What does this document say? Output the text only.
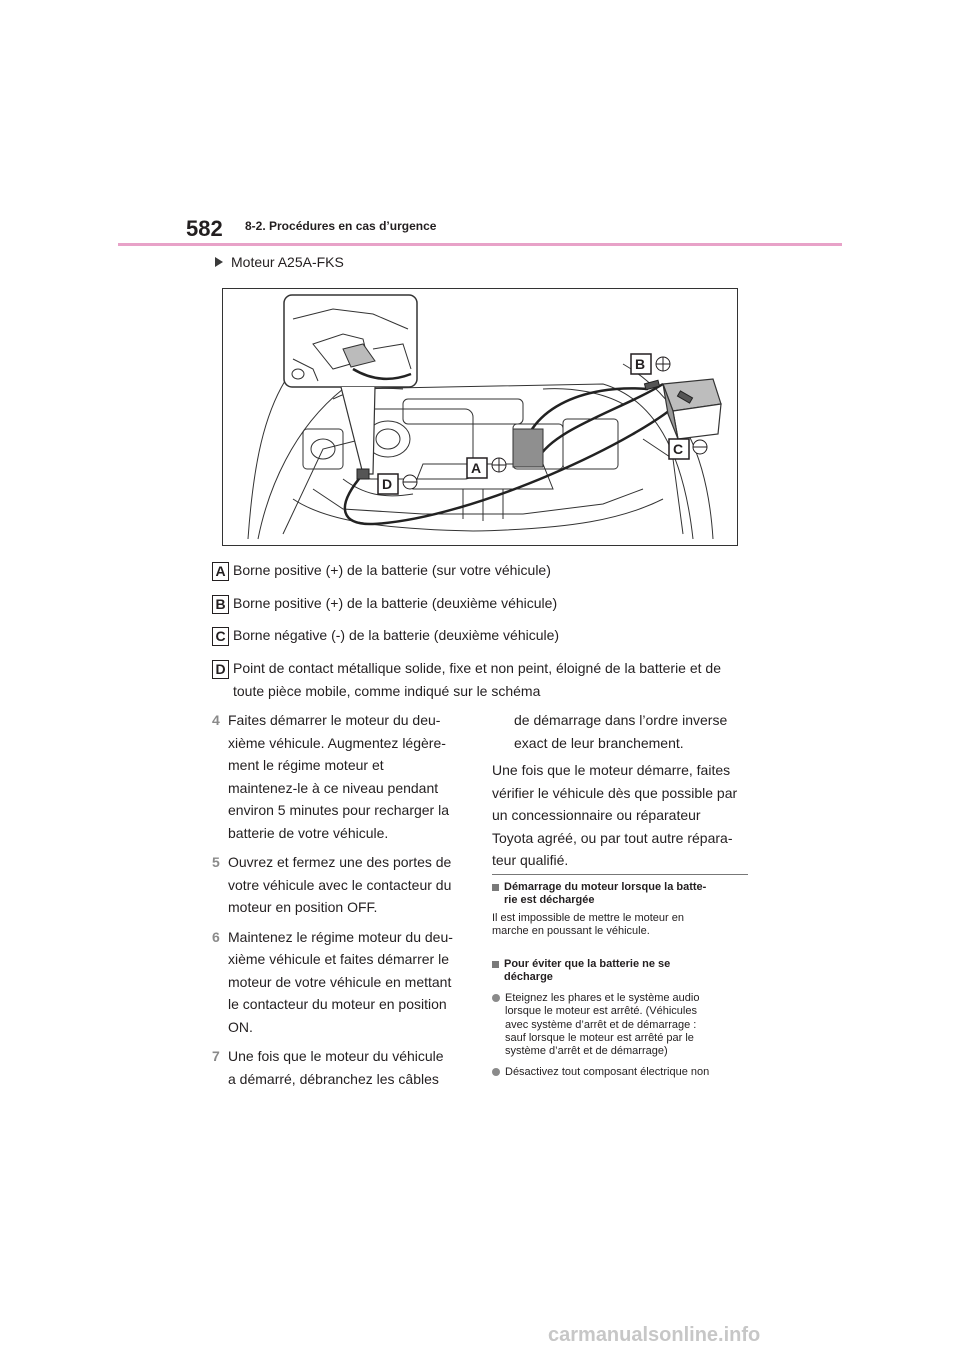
582 8-2. Procédures en cas d’urgence
Moteur A25A-FKS
B
C
A
D
A Borne positive (+) de la batterie (sur votre véhicule)
B Borne positive (+) de la batterie (deuxième véhicule)
C Borne négative (-) de la batterie (deuxième véhicule)
D Point de contact métallique solide, fixe et non peint, éloigné de la batterie et de
toute pièce mobile, comme indiqué sur le schéma
4 Faites démarrer le moteur du deu-
xième véhicule. Augmentez légère-
ment le régime moteur et
maintenez-le à ce niveau pendant
environ 5 minutes pour recharger la
batterie de votre véhicule.
5 Ouvrez et fermez une des portes de
votre véhicule avec le contacteur du
moteur en position OFF.
6 Maintenez le régime moteur du deu-
xième véhicule et faites démarrer le
moteur de votre véhicule en mettant
le contacteur du moteur en position
ON.
7 Une fois que le moteur du véhicule
a démarré, débranchez les câbles
de démarrage dans l’ordre inverse
exact de leur branchement.
Une fois que le moteur démarre, faites
vérifier le véhicule dès que possible par
un concessionnaire ou réparateur
Toyota agréé, ou par tout autre répara-
teur qualifié.
Démarrage du moteur lorsque la batte-
rie est déchargée
Il est impossible de mettre le moteur en
marche en poussant le véhicule.
Pour éviter que la batterie ne se
décharge
Eteignez les phares et le système audio
lorsque le moteur est arrêté. (Véhicules
avec système d’arrêt et de démarrage :
sauf lorsque le moteur est arrêté par le
système d’arrêt et de démarrage)
Désactivez tout composant électrique non
carmanualsonline.info
